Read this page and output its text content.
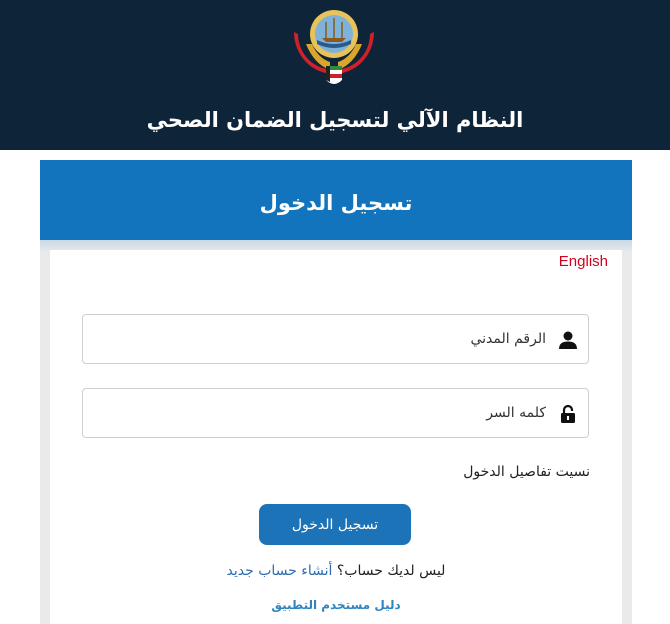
النظام الآلي لتسجيل الضمان الصحي
تسجيل الدخول
English
الرقم المدني
نسيت تفاصيل الدخول
تسجيل الدخول
ليس لديك حساب؟ أنشاء حساب جديد
دليل مستخدم التطبيق
